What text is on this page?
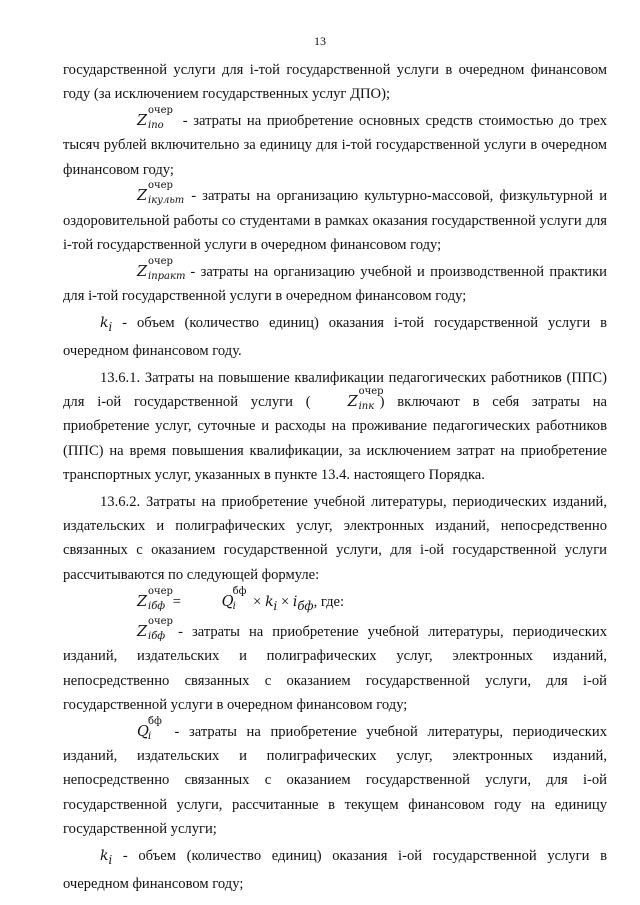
13

государственной услуги для i-той государственной услуги в очередном финансовом году (за исключением государственных услуг ДПО);

Z
очер
iпо - затраты на приобретение основных средств стоимостью до трех тысяч рублей включительно за единицу для i-той государственной услуги в очередном финансовом году;

Z
очер
iкульт - затраты на организацию культурно-массовой, физкультурной и оздоровительной работы со студентами в рамках оказания государственной услуги для i-той государственной услуги в очередном финансовом году;

Z
очер
iпракт - затраты на организацию учебной и производственной практики для i-той государственной услуги в очередном финансовом году;

$k_i$ - объем (количество единиц) оказания i-той государственной услуги в очередном финансовом году.

13.6.1. Затраты на повышение квалификации педагогических работников (ППС) для i-ой государственной услуги (	Z
очер
iпк ) включают в себя затраты на приобретение услуг, суточные и расходы на проживание педагогических работников (ППС) на время повышения квалификации, за исключением затрат на приобретение транспортных услуг, указанных в пункте 13.4. настоящего Порядка.

13.6.2. Затраты на приобретение учебной литературы, периодических изданий, издательских и полиграфических услуг, электронных изданий, непосредственно связанных с оказанием государственной услуги, для i-ой государственной услуги рассчитываются по следующей формуле:

Z
очер
iбф =	Q
бф
$i \times k_i \times i_{бф}$, где:

Z
очер
iбф - затраты на приобретение учебной литературы, периодических изданий, издательских и полиграфических услуг, электронных изданий, непосредственно связанных с оказанием государственной услуги, для i-ой государственной услуги в очередном финансовом году;

Q
бф
i - затраты на приобретение учебной литературы, периодических изданий, издательских и полиграфических услуг, электронных изданий, непосредственно связанных с оказанием государственной услуги, для i-ой государственной услуги, рассчитанные в текущем финансовом году на единицу государственной услуги;

$k_i$ - объем (количество единиц) оказания i-ой государственной услуги в очередном финансовом году;
